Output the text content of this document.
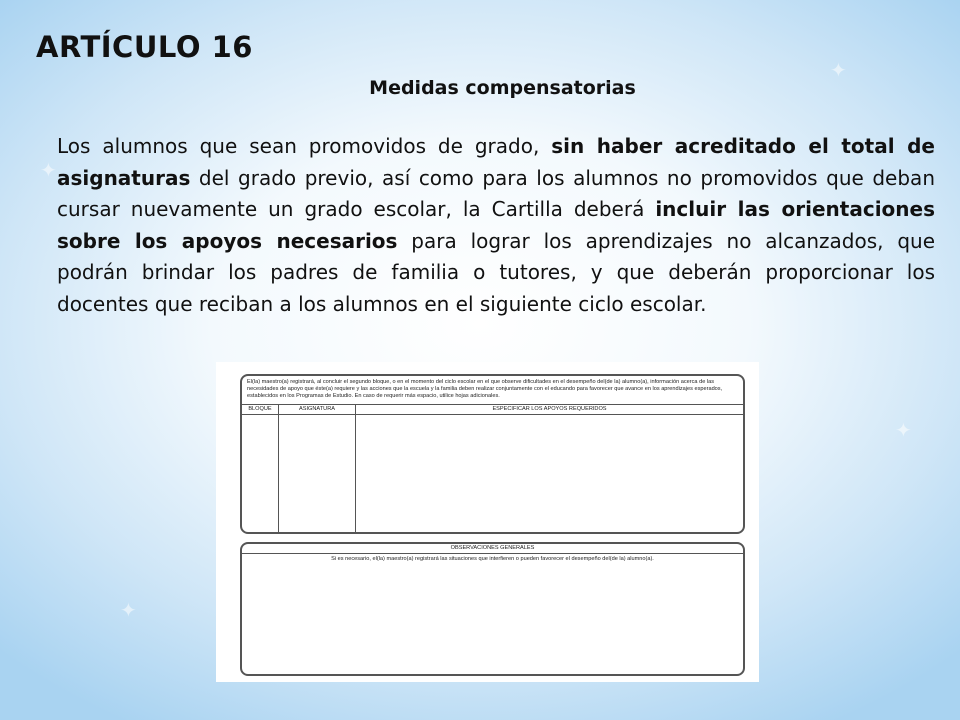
✦
✦
✦
✦
ARTÍCULO 16
Medidas compensatorias

Los alumnos que sean promovidos de grado, sin haber acreditado el total de asignaturas del grado previo, así como para los alumnos no promovidos que deban cursar nuevamente un grado escolar, la Cartilla deberá incluir las orientaciones sobre los apoyos necesarios para lograr los aprendizajes no alcanzados, que podrán brindar los padres de familia o tutores, y que deberán proporcionar los docentes que reciban a los alumnos en el siguiente ciclo escolar.

El(la) maestro(a) registrará, al concluir el segundo bloque, o en el momento del ciclo escolar en el que observe dificultades en el desempeño del(de la) alumno(a), información acerca de las necesidades de apoyo que éste(a) requiere y las acciones que la escuela y la familia deben realizar conjuntamente con el educando para favorecer que avance en los aprendizajes esperados, establecidos en los Programas de Estudio. En caso de requerir más espacio, utilice hojas adicionales.
BLOQUE	ASIGNATURA	ESPECIFICAR LOS APOYOS REQUERIDOS
OBSERVACIONES GENERALES
Si es necesario, el(la) maestro(a) registrará las situaciones que interfieren o pueden favorecer el desempeño del(de la) alumno(a).
